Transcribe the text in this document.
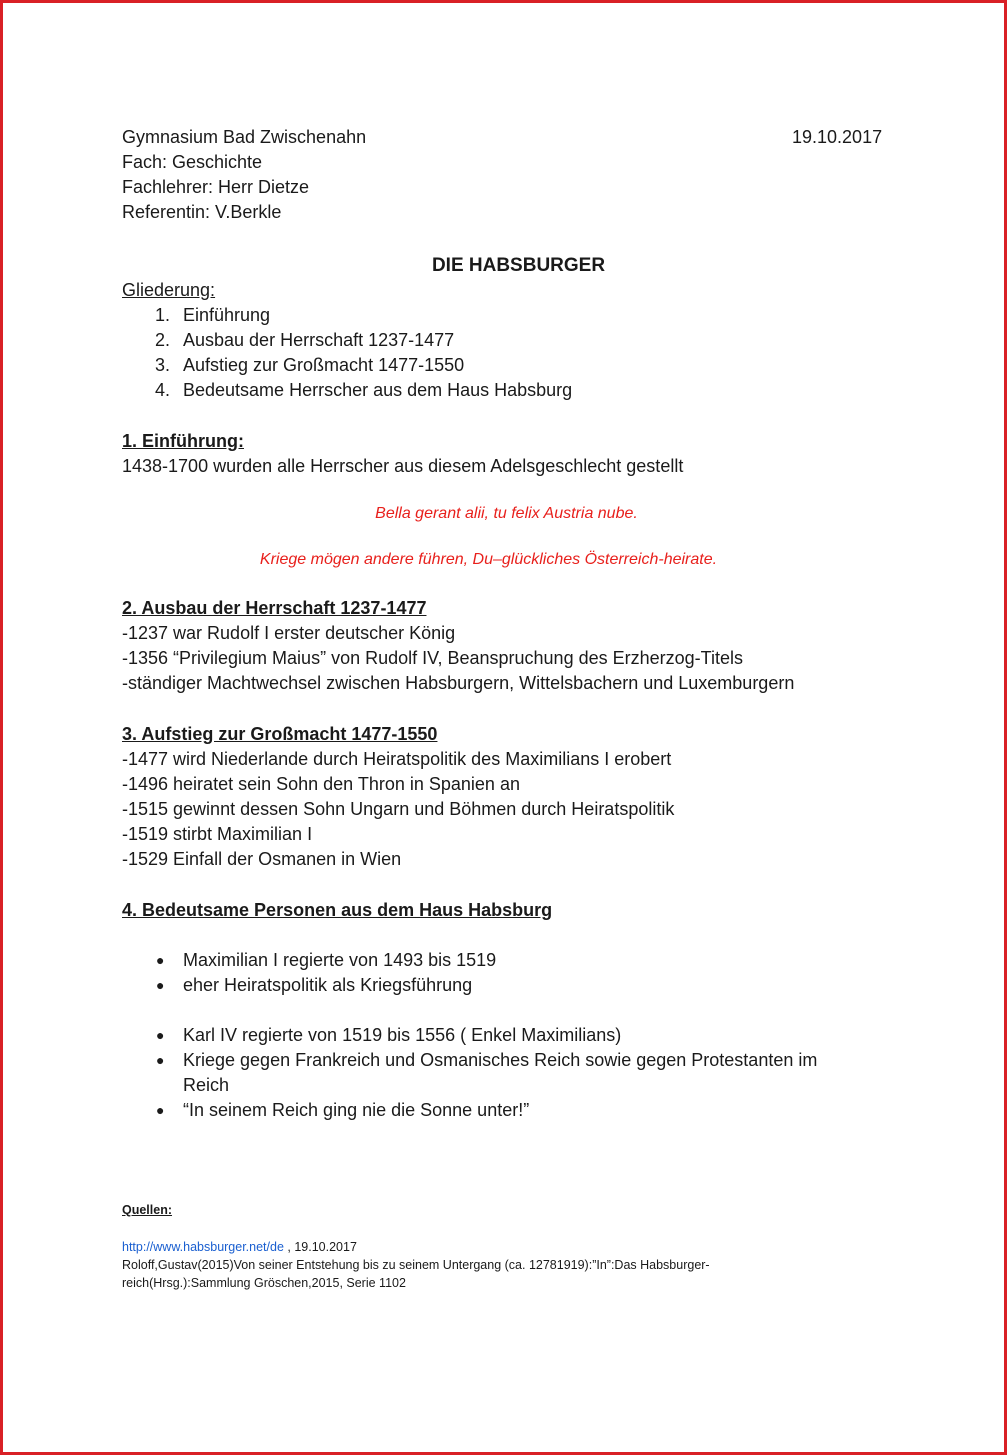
Gymnasium Bad Zwischenahn	19.10.2017
Fach: Geschichte
Fachlehrer: Herr Dietze
Referentin: V.Berkle
DIE HABSBURGER
Gliederung:
1. Einführung
2. Ausbau der Herrschaft 1237-1477
3. Aufstieg zur Großmacht 1477-1550
4. Bedeutsame Herrscher aus dem Haus Habsburg
1. Einführung:
1438-1700 wurden alle Herrscher aus diesem Adelsgeschlecht gestellt
Bella gerant alii, tu felix Austria nube.
Kriege mögen andere führen, Du–glückliches Österreich-heirate.
2. Ausbau der Herrschaft 1237-1477
-1237 war Rudolf I erster deutscher König
-1356 “Privilegium Maius” von Rudolf IV, Beanspruchung des Erzherzog-Titels
-ständiger Machtwechsel zwischen Habsburgern, Wittelsbachern und Luxemburgern
3. Aufstieg zur Großmacht 1477-1550
-1477 wird Niederlande durch Heiratspolitik des Maximilians I erobert
-1496 heiratet sein Sohn den Thron in Spanien an
-1515 gewinnt dessen Sohn Ungarn und Böhmen durch Heiratspolitik
-1519 stirbt Maximilian I
-1529 Einfall der Osmanen in Wien
4. Bedeutsame Personen aus dem Haus Habsburg
● Maximilian I regierte von 1493 bis 1519
● eher Heiratspolitik als Kriegsführung
● Karl IV regierte von 1519 bis 1556 ( Enkel Maximilians)
● Kriege gegen Frankreich und Osmanisches Reich sowie gegen Protestanten im
Reich
● “In seinem Reich ging nie die Sonne unter!”
Quellen:
http://www.habsburger.net/de , 19.10.2017
Roloff,Gustav(2015)Von seiner Entstehung bis zu seinem Untergang (ca. 12781919):”In”:Das Habsburger-
reich(Hrsg.):Sammlung Gröschen,2015, Serie 1102
